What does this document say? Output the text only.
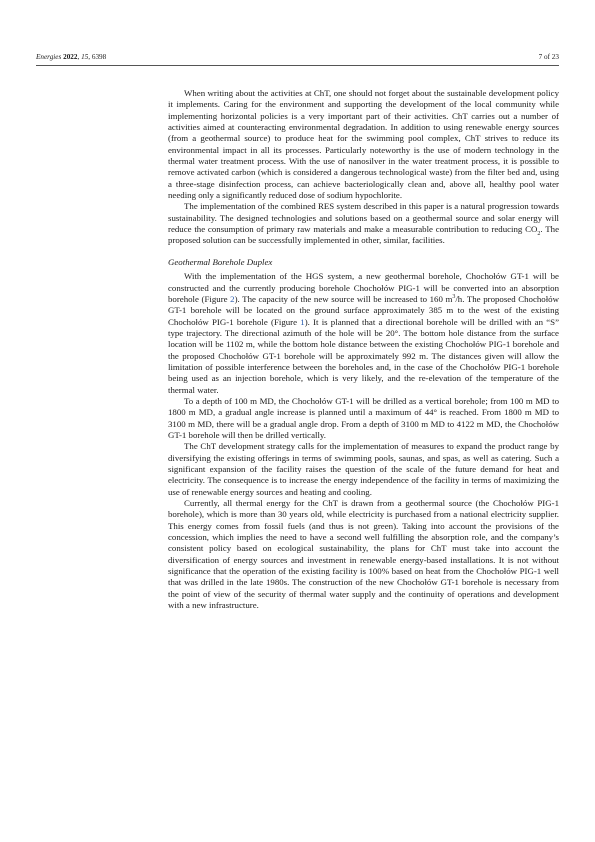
Energies 2022, 15, 6398	7 of 23

When writing about the activities at ChT, one should not forget about the sustainable development policy it implements. Caring for the environment and supporting the development of the local community while implementing horizontal policies is a very important part of their activities. ChT carries out a number of activities aimed at counteracting environmental degradation. In addition to using renewable energy sources (from a geothermal source) to produce heat for the swimming pool complex, ChT strives to reduce its environmental impact in all its processes. Particularly noteworthy is the use of modern technology in the thermal water treatment process. With the use of nanosilver in the water treatment process, it is possible to remove activated carbon (which is considered a dangerous technological waste) from the filter bed and, using a three-stage disinfection process, can achieve bacteriologically clean and, above all, healthy pool water needing only a significantly reduced dose of sodium hypochlorite.

The implementation of the combined RES system described in this paper is a natural progression towards sustainability. The designed technologies and solutions based on a geothermal source and solar energy will reduce the consumption of primary raw materials and make a measurable contribution to reducing $CO_2$. The proposed solution can be successfully implemented in other, similar, facilities.

Geothermal Borehole Duplex

With the implementation of the HGS system, a new geothermal borehole, Chochołów GT-1 will be constructed and the currently producing borehole Chochołów PIG-1 will be converted into an absorption borehole (Figure 2). The capacity of the new source will be increased to 160 $m^3/h$. The proposed Chochołów GT-1 borehole will be located on the ground surface approximately 385 m to the west of the existing Chochołów PIG-1 borehole (Figure 1). It is planned that a directional borehole will be drilled with an “S” type trajectory. The directional azimuth of the hole will be 20°. The bottom hole distance from the surface location will be 1102 m, while the bottom hole distance between the existing Chochołów PIG-1 borehole and the proposed Chochołów GT-1 borehole will be approximately 992 m. The distances given will allow the limitation of possible interference between the boreholes and, in the case of the Chochołów PIG-1 borehole being used as an injection borehole, which is very likely, and the re-elevation of the temperature of the thermal water.

To a depth of 100 m MD, the Chochołów GT-1 will be drilled as a vertical borehole; from 100 m MD to 1800 m MD, a gradual angle increase is planned until a maximum of 44° is reached. From 1800 m MD to 3100 m MD, there will be a gradual angle drop. From a depth of 3100 m MD to 4122 m MD, the Chochołów GT-1 borehole will then be drilled vertically.

The ChT development strategy calls for the implementation of measures to expand the product range by diversifying the existing offerings in terms of swimming pools, saunas, and spas, as well as catering. Such a significant expansion of the facility raises the question of the scale of the future demand for heat and electricity. The consequence is to increase the energy independence of the facility in terms of maximizing the use of renewable energy sources and heating and cooling.

Currently, all thermal energy for the ChT is drawn from a geothermal source (the Chochołów PIG-1 borehole), which is more than 30 years old, while electricity is purchased from a national electricity supplier. This energy comes from fossil fuels (and thus is not green). Taking into account the provisions of the concession, which implies the need to have a second well fulfilling the absorption role, and the company’s consistent policy based on ecological sustainability, the plans for ChT must take into account the diversification of energy sources and investment in renewable energy-based installations. It is not without significance that the operation of the existing facility is 100% based on heat from the Chochołów PIG-1 well that was drilled in the late 1980s. The construction of the new Chochołów GT-1 borehole is necessary from the point of view of the security of thermal water supply and the continuity of operations and development with a new infrastructure.
